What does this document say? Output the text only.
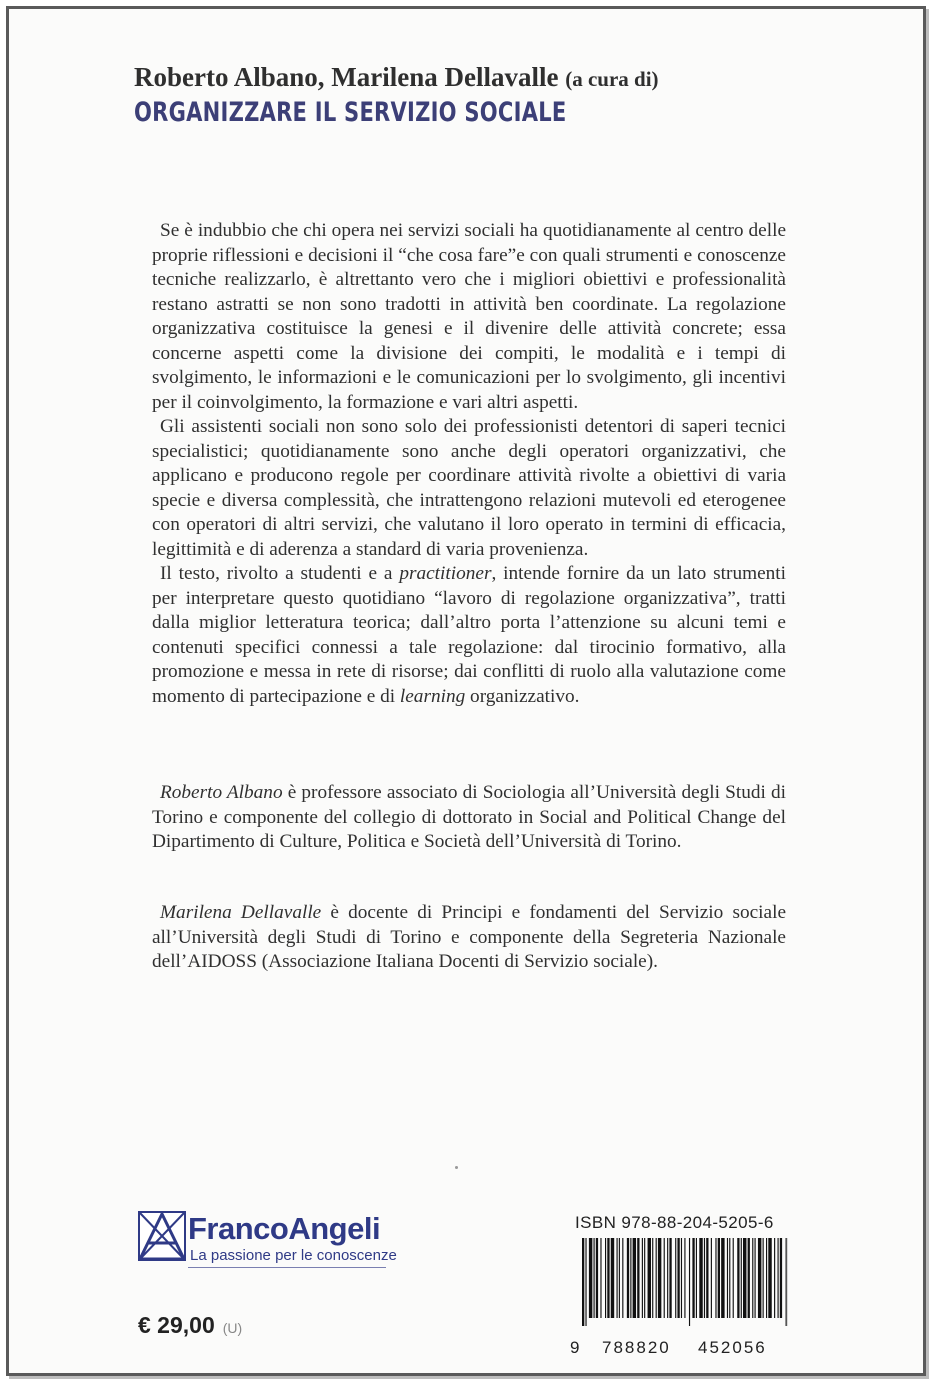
Roberto Albano, Marilena Dellavalle (a cura di)
ORGANIZZARE IL SERVIZIO SOCIALE

Se è indubbio che chi opera nei servizi sociali ha quotidianamente al centro delle proprie riflessioni e decisioni il “che cosa fare”e con quali strumenti e conoscenze tecniche realizzarlo, è altrettanto vero che i migliori obiettivi e professionalità restano astratti se non sono tradotti in attività ben coordinate. La regolazione organizzativa costituisce la genesi e il divenire delle attività concrete; essa concerne aspetti come la divisione dei compiti, le modalità e i tempi di svolgimento, le informazioni e le comunicazioni per lo svolgimento, gli incentivi per il coinvolgimento, la formazione e vari altri aspetti.

Gli assistenti sociali non sono solo dei professionisti detentori di saperi tecnici specialistici; quotidianamente sono anche degli operatori organizzativi, che applicano e producono regole per coordinare attività rivolte a obiettivi di varia specie e diversa complessità, che intrattengono relazioni mutevoli ed eterogenee con operatori di altri servizi, che valutano il loro operato in termini di efficacia, legittimità e di aderenza a standard di varia provenienza.

Il testo, rivolto a studenti e a practitioner, intende fornire da un lato strumenti per interpretare questo quotidiano “lavoro di regolazione organizzativa”, tratti dalla miglior letteratura teorica; dall’altro porta l’attenzione su alcuni temi e contenuti specifici connessi a tale regolazione: dal tirocinio formativo, alla promozione e messa in rete di risorse; dai conflitti di ruolo alla valutazione come momento di partecipazione e di learning organizzativo.

Roberto Albano è professore associato di Sociologia all’Università degli Studi di Torino e componente del collegio di dottorato in Social and Political Change del Dipartimento di Culture, Politica e Società dell’Università di Torino.

Marilena Dellavalle è docente di Principi e fondamenti del Servizio sociale all’Università degli Studi di Torino e componente della Segreteria Nazionale dell’AIDOSS (Associazione Italiana Docenti di Servizio sociale).

FrancoAngeli
La passione per le conoscenze
€ 29,00 (U)
ISBN 978-88-204-5205-6
9 788820 452056
